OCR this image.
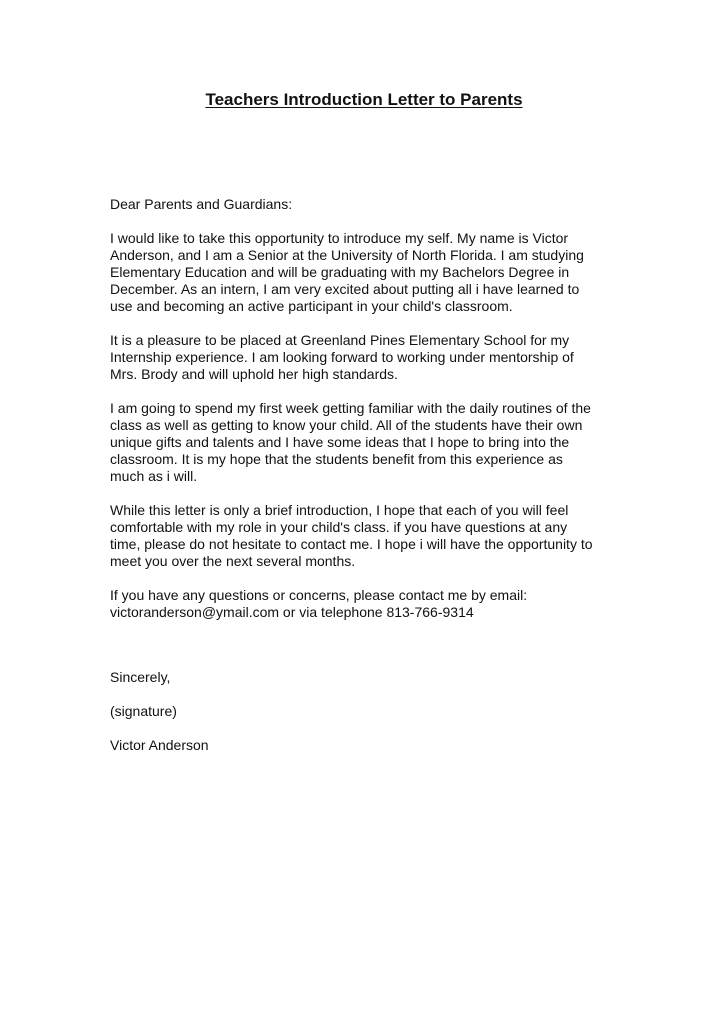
Teachers Introduction Letter to Parents

Dear Parents and Guardians:

I would like to take this opportunity to introduce my self. My name is Victor
Anderson, and I am a Senior at the University of North Florida. I am studying
Elementary Education and will be graduating with my Bachelors Degree in
December. As an intern, I am very excited about putting all i have learned to
use and becoming an active participant in your child's classroom.

It is a pleasure to be placed at Greenland Pines Elementary School for my
Internship experience. I am looking forward to working under mentorship of
Mrs. Brody and will uphold her high standards.

I am going to spend my first week getting familiar with the daily routines of the
class as well as getting to know your child. All of the students have their own
unique gifts and talents and I have some ideas that I hope to bring into the
classroom. It is my hope that the students benefit from this experience as
much as i will.

While this letter is only a brief introduction, I hope that each of you will feel
comfortable with my role in your child's class. if you have questions at any
time, please do not hesitate to contact me. I hope i will have the opportunity to
meet you over the next several months.

If you have any questions or concerns, please contact me by email:
victoranderson@ymail.com or via telephone 813-766-9314

Sincerely,

(signature)

Victor Anderson
